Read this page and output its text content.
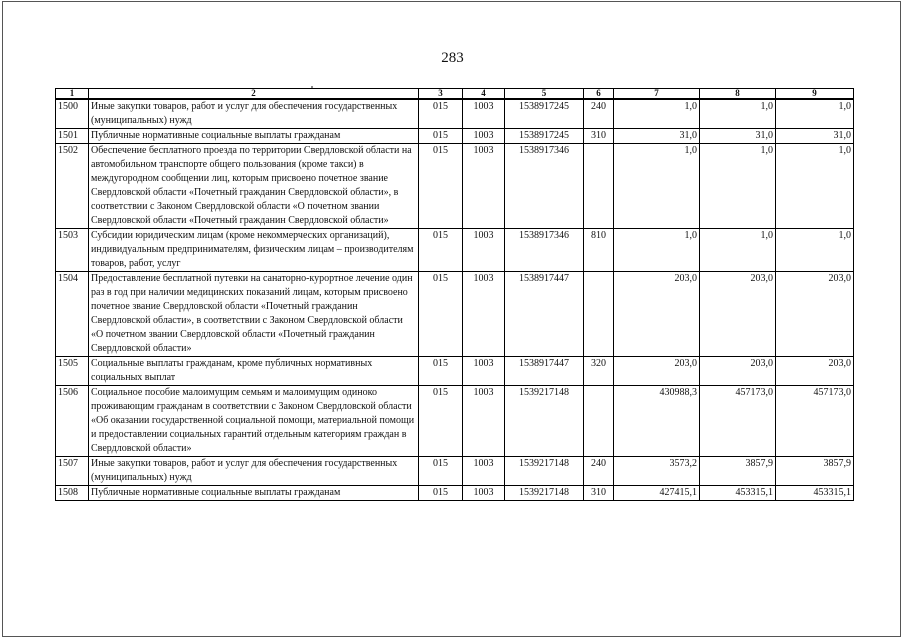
283
1	2	3	4	5	6	7	8	9
1500	Иные закупки товаров, работ и услуг для обеспечения государственных (муниципальных) нужд	015	1003	1538917245	240	1,0	1,0	1,0
1501	Публичные нормативные социальные выплаты гражданам	015	1003	1538917245	310	31,0	31,0	31,0
1502	Обеспечение бесплатного проезда по территории Свердловской области на автомобильном транспорте общего пользования (кроме такси) в междугородном сообщении лиц, которым присвоено почетное звание Свердловской области «Почетный гражданин Свердловской области», в соответствии с Законом Свердловской области «О почетном звании Свердловской области «Почетный гражданин Свердловской области»	015	1003	1538917346		1,0	1,0	1,0
1503	Субсидии юридическим лицам (кроме некоммерческих организаций), индивидуальным предпринимателям, физическим лицам – производителям товаров, работ, услуг	015	1003	1538917346	810	1,0	1,0	1,0
1504	Предоставление бесплатной путевки на санаторно-курортное лечение один раз в год при наличии медицинских показаний лицам, которым присвоено почетное звание Свердловской области «Почетный гражданин Свердловской области», в соответствии с Законом Свердловской области «О почетном звании Свердловской области «Почетный гражданин Свердловской области»	015	1003	1538917447		203,0	203,0	203,0
1505	Социальные выплаты гражданам, кроме публичных нормативных социальных выплат	015	1003	1538917447	320	203,0	203,0	203,0
1506	Социальное пособие малоимущим семьям и малоимущим одиноко проживающим гражданам в соответствии с Законом Свердловской области «Об оказании государственной социальной помощи, материальной помощи и предоставлении социальных гарантий отдельным категориям граждан в Свердловской области»	015	1003	1539217148		430988,3	457173,0	457173,0
1507	Иные закупки товаров, работ и услуг для обеспечения государственных (муниципальных) нужд	015	1003	1539217148	240	3573,2	3857,9	3857,9
1508	Публичные нормативные социальные выплаты гражданам	015	1003	1539217148	310	427415,1	453315,1	453315,1
